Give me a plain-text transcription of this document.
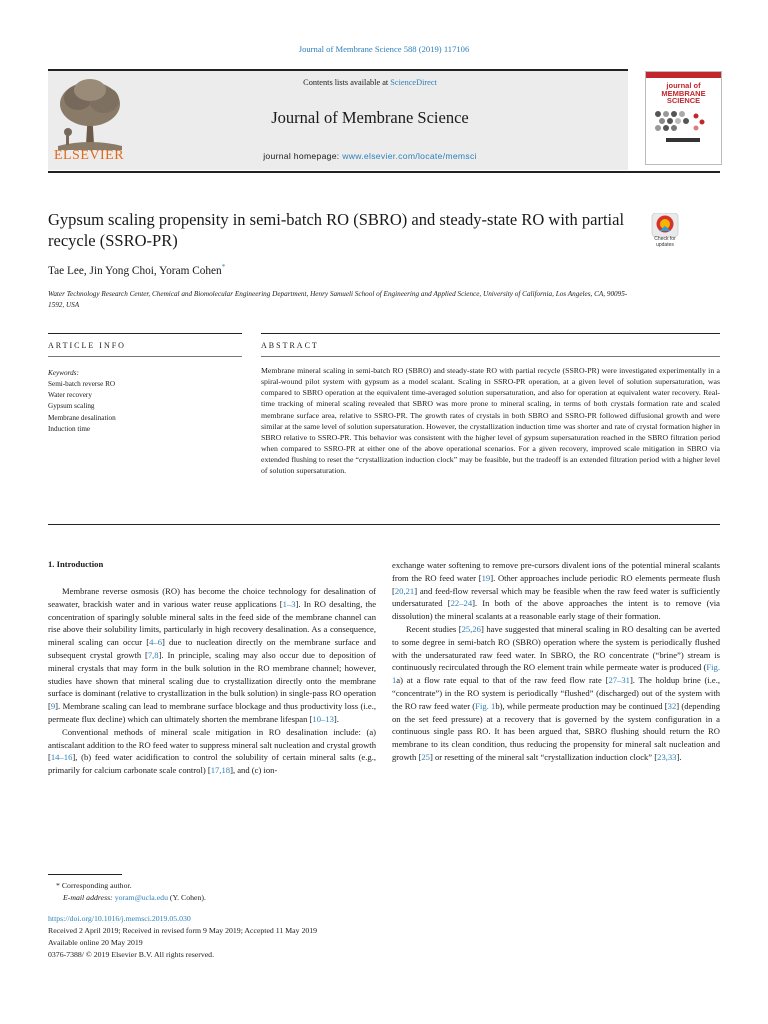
Journal of Membrane Science 588 (2019) 117106
ELSEVIER
Contents lists available at ScienceDirect
Journal of Membrane Science
journal homepage: www.elsevier.com/locate/memsci
journal of MEMBRANE SCIENCE
Check for updates
Gypsum scaling propensity in semi-batch RO (SBRO) and steady-state RO with partial recycle (SSRO-PR)
Tae Lee, Jin Yong Choi, Yoram Cohen*
Water Technology Research Center, Chemical and Biomolecular Engineering Department, Henry Samueli School of Engineering and Applied Science, University of California, Los Angeles, CA, 90095-1592, USA
ARTICLE INFO	ABSTRACT
Keywords:
Semi-batch reverse RO
Water recovery
Gypsum scaling
Membrane desalination
Induction time
Membrane mineral scaling in semi-batch RO (SBRO) and steady-state RO with partial recycle (SSRO-PR) were investigated experimentally in a spiral-wound pilot system with gypsum as a model scalant. Scaling in SSRO-PR operation, at a given level of solution supersaturation, was compared to SBRO operation at the equivalent time-averaged solution supersaturation, and also for operation at equivalent water recovery. Real-time tracking of mineral scaling revealed that SBRO was more prone to mineral scaling, in terms of both crystals formation rate and scaled membrane surface area, relative to SSRO-PR. The growth rates of crystals in both SBRO and SSRO-PR followed diffusional growth and were similar at the same level of solution supersaturation. However, the crystallization induction time was shorter and rate of crystal formation higher in SBRO relative to SSRO-PR. This behavior was consistent with the higher level of gypsum supersaturation reached in the SBRO filtration period when compared to SSRO-PR at either one of the above operational scenarios. For a given recovery, improved scale mitigation in SBRO via extended flushing to reset the “crystallization induction clock” may be feasible, but the tradeoff is an extended filtration period with a higher level of solution supersaturation.
1. Introduction

Membrane reverse osmosis (RO) has become the choice technology for desalination of seawater, brackish water and in various water reuse applications [1–3]. In RO desalting, the concentration of sparingly soluble mineral salts in the feed side of the membrane channel can rise above their solubility limits, particularly in high recovery desalination. As a consequence, mineral scaling can occur [4–6] due to nucleation directly on the membrane surface and subsequent crystal growth [7,8]. In principle, scaling may also occur due to deposition of mineral crystals that may form in the bulk solution in the RO membrane channel; however, studies have shown that mineral scaling due to crystallization directly onto the membrane surface is dominant (relative to crystallization in the bulk solution) in single-pass RO operation [9]. Membrane scaling can lead to membrane surface blockage and thus productivity loss (i.e., permeate flux decline) which can ultimately shorten the membrane lifespan [10–13].

Conventional methods of mineral scale mitigation in RO desalination include: (a) antiscalant addition to the RO feed water to suppress mineral salt nucleation and crystal growth [14–16], (b) feed water acidification to control the solubility of certain mineral salts (e.g., primarily for calcium carbonate scale control) [17,18], and (c) ion-

exchange water softening to remove pre-cursors divalent ions of the potential mineral scalants from the RO feed water [19]. Other approaches include periodic RO elements permeate flush [20,21] and feed-flow reversal which may be feasible when the raw feed water is sufficiently undersaturated [22–24]. In both of the above approaches the intent is to remove (via dissolution) the mineral scalants at a reasonable early stage of their formation.

Recent studies [25,26] have suggested that mineral scaling in RO desalting can be averted to some degree in semi-batch RO (SBRO) operation where the system is periodically flushed with the undersaturated raw feed water. In SBRO, the RO concentrate (“brine”) stream is continuously recirculated through the RO element train while permeate water is produced (Fig. 1a) at a flow rate equal to that of the raw feed flow rate [27–31]. The holdup brine (i.e., “concentrate”) in the RO system is periodically “flushed” (discharged) out of the system with the RO raw feed water (Fig. 1b), while permeate production may be continued [32] (depending on the set feed pressure) at a recovery that is governed by the system configuration in a continuous single pass RO. It has been argued that, SBRO flushing should return the RO membrane to its clean condition, thus reducing the propensity for mineral salt nucleation and growth [25] or resetting of the mineral salt “crystallization induction clock” [23,33].

* Corresponding author.
E-mail address: yoram@ucla.edu (Y. Cohen).
https://doi.org/10.1016/j.memsci.2019.05.030
Received 2 April 2019; Received in revised form 9 May 2019; Accepted 11 May 2019
Available online 20 May 2019
0376-7388/ © 2019 Elsevier B.V. All rights reserved.
